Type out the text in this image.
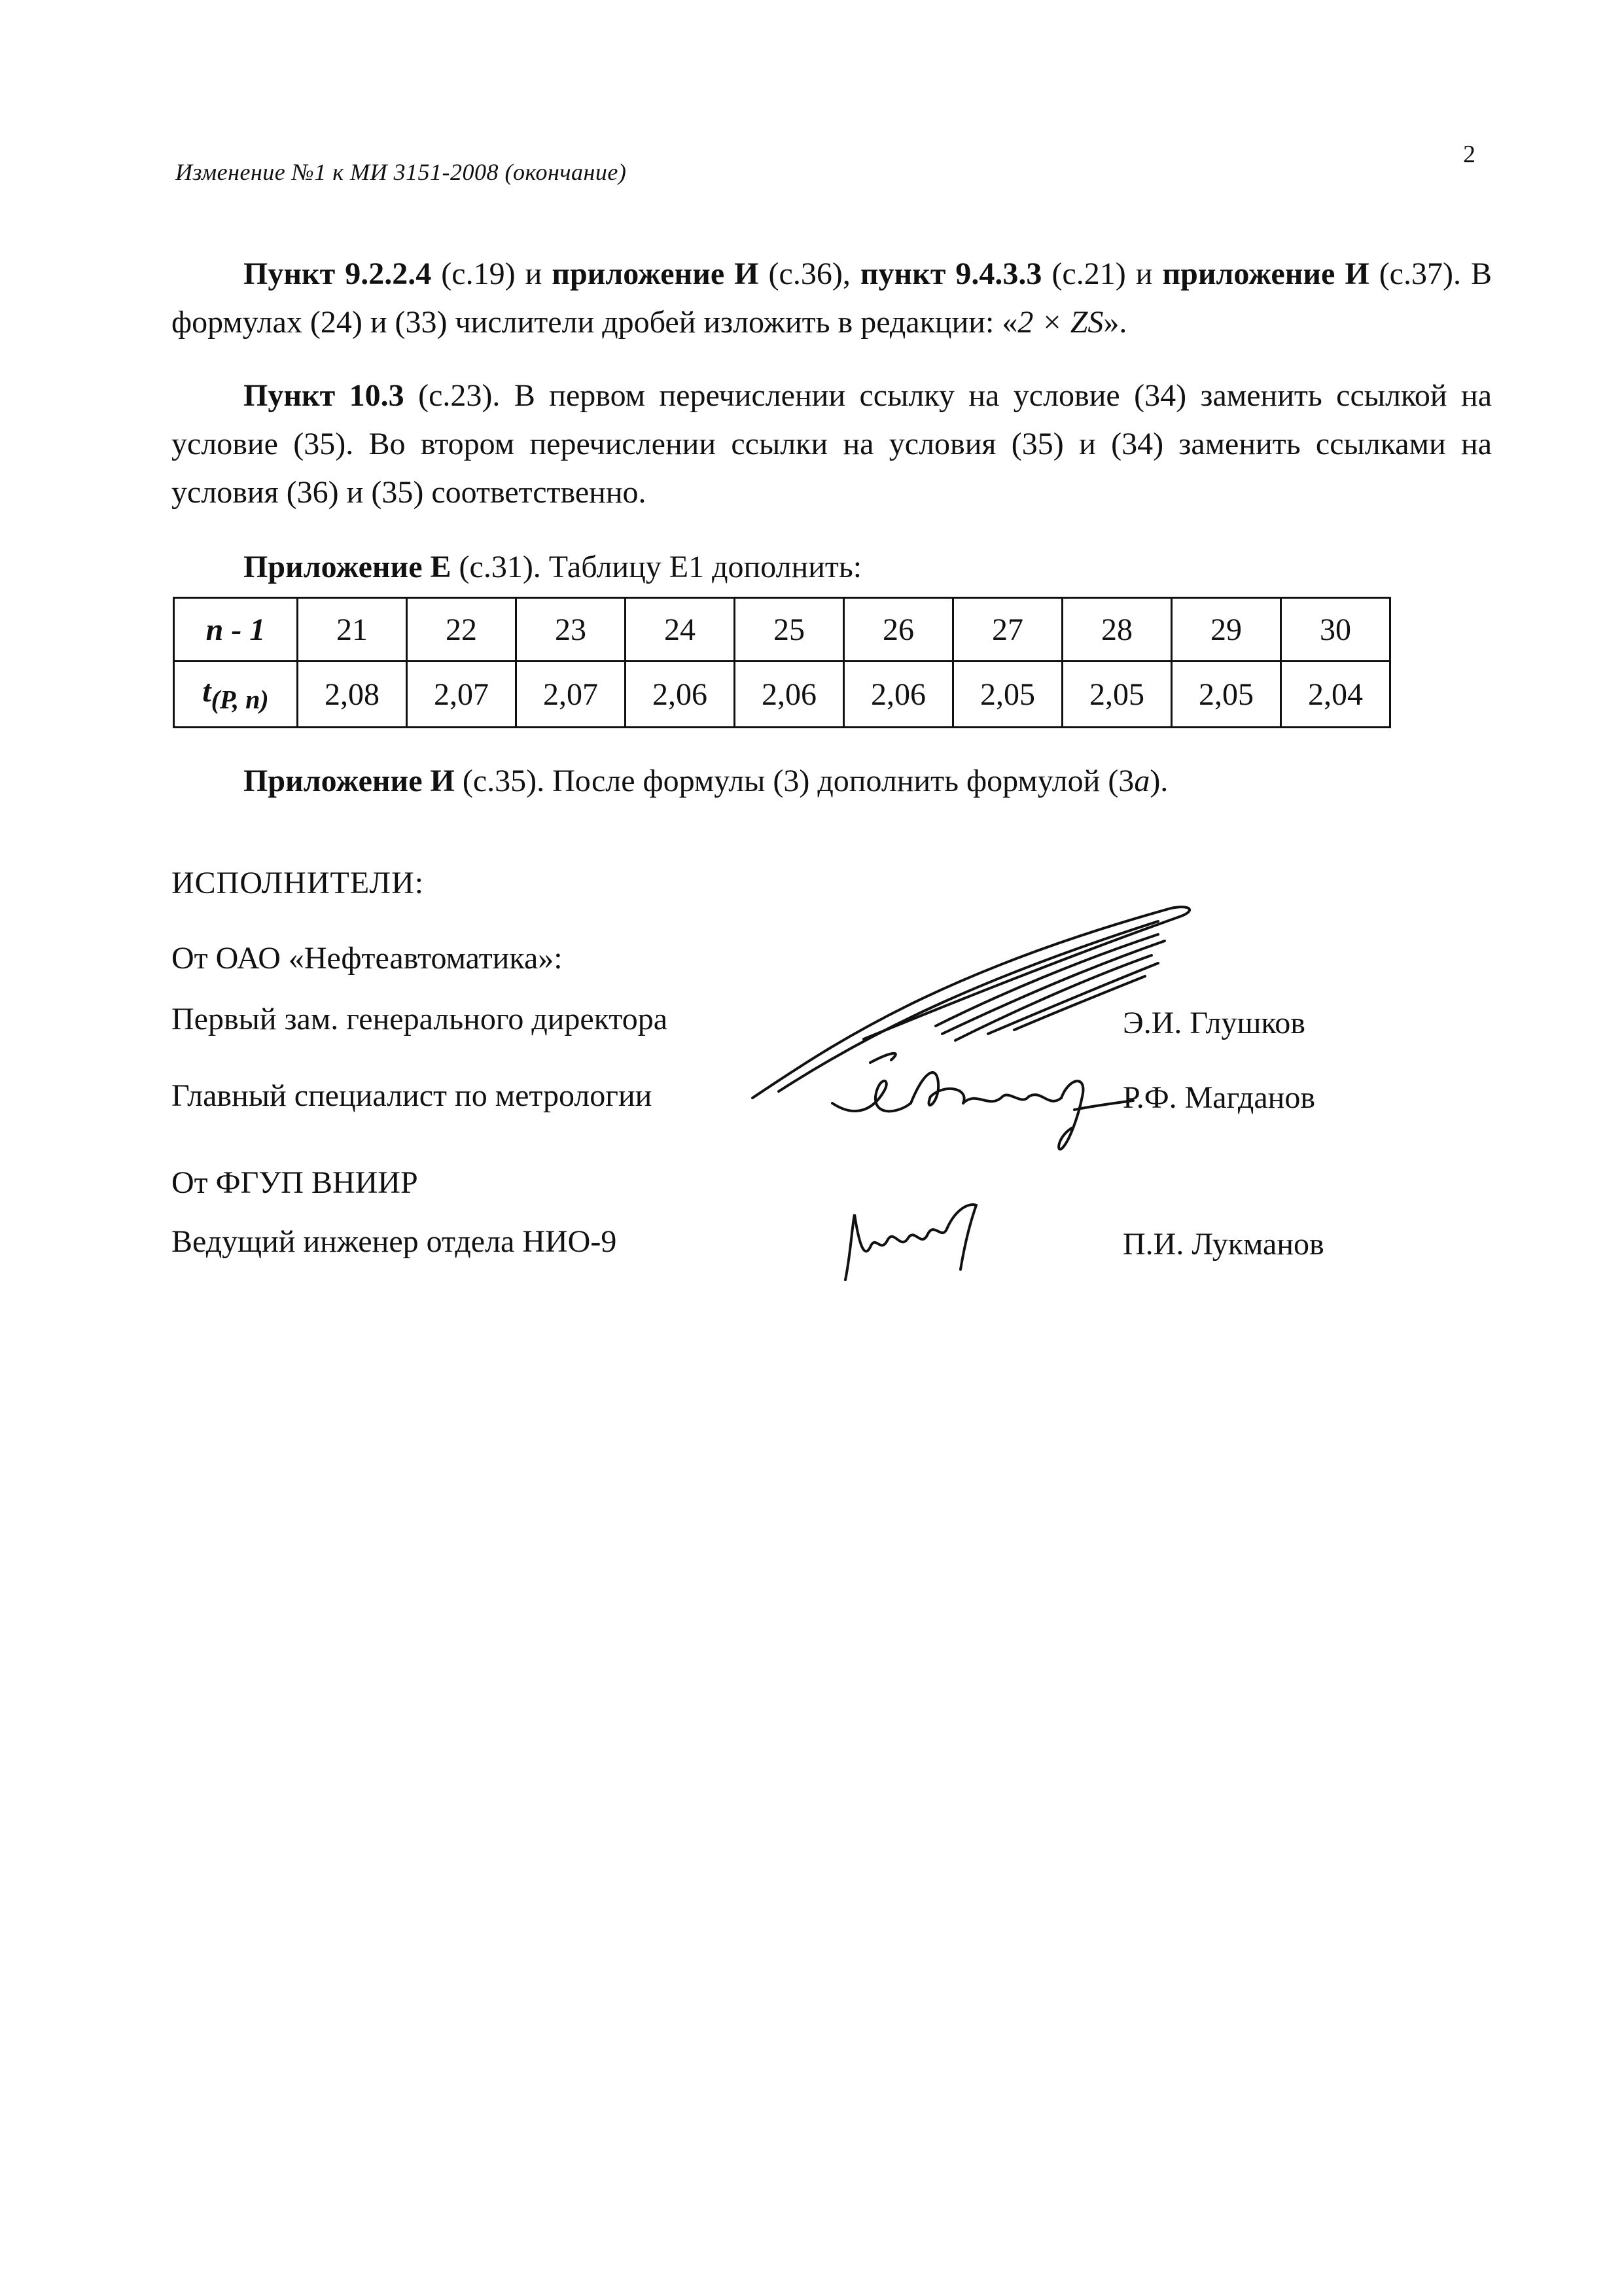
Изменение №1 к МИ 3151-2008 (окончание)
2
Пункт 9.2.2.4 (с.19) и приложение И (с.36), пункт 9.4.3.3 (с.21) и приложение И (с.37). В формулах (24) и (33) числители дробей изложить в редакции: «2 × ZS».
Пункт 10.3 (с.23). В первом перечислении ссылку на условие (34) заменить ссылкой на условие (35). Во втором перечислении ссылки на условия (35) и (34) заменить ссылками на условия (36) и (35) соответственно.
Приложение Е (с.31). Таблицу Е1 дополнить:
n - 1	21	22	23	24	25	26	27	28	29	30
$t_{(P, n)}$	2,08	2,07	2,07	2,06	2,06	2,06	2,05	2,05	2,05	2,04
Приложение И (с.35). После формулы (3) дополнить формулой (3а).
ИСПОЛНИТЕЛИ:
От ОАО «Нефтеавтоматика»:
Первый зам. генерального директора	Э.И. Глушков
Главный специалист по метрологии	Р.Ф. Магданов
От ФГУП ВНИИР
Ведущий инженер отдела НИО-9	П.И. Лукманов
